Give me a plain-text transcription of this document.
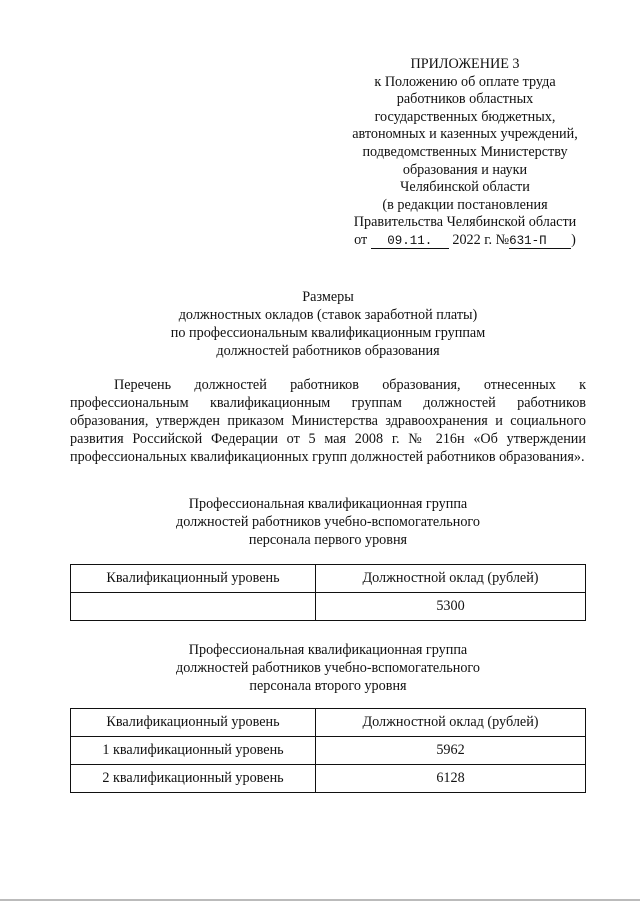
ПРИЛОЖЕНИЕ 3
к Положению об оплате труда
работников областных
государственных бюджетных,
автономных и казенных учреждений,
подведомственных Министерству
образования и науки
Челябинской области
(в редакции постановления
Правительства Челябинской области
от 09.11. 2022 г. №631-П )
Размеры
должностных окладов (ставок заработной платы)
по профессиональным квалификационным группам
должностей работников образования

Перечень должностей работников образования, отнесенных к профессиональным квалификационным группам должностей работников образования, утвержден приказом Министерства здравоохранения и социального развития Российской Федерации от 5 мая 2008 г. № 216н «Об утверждении профессиональных квалификационных групп должностей работников образования».

Профессиональная квалификационная группа
должностей работников учебно-вспомогательного
персонала первого уровня
Квалификационный уровень	Должностной оклад (рублей)
	5300
Профессиональная квалификационная группа
должностей работников учебно-вспомогательного
персонала второго уровня
Квалификационный уровень	Должностной оклад (рублей)
1 квалификационный уровень	5962
2 квалификационный уровень	6128
